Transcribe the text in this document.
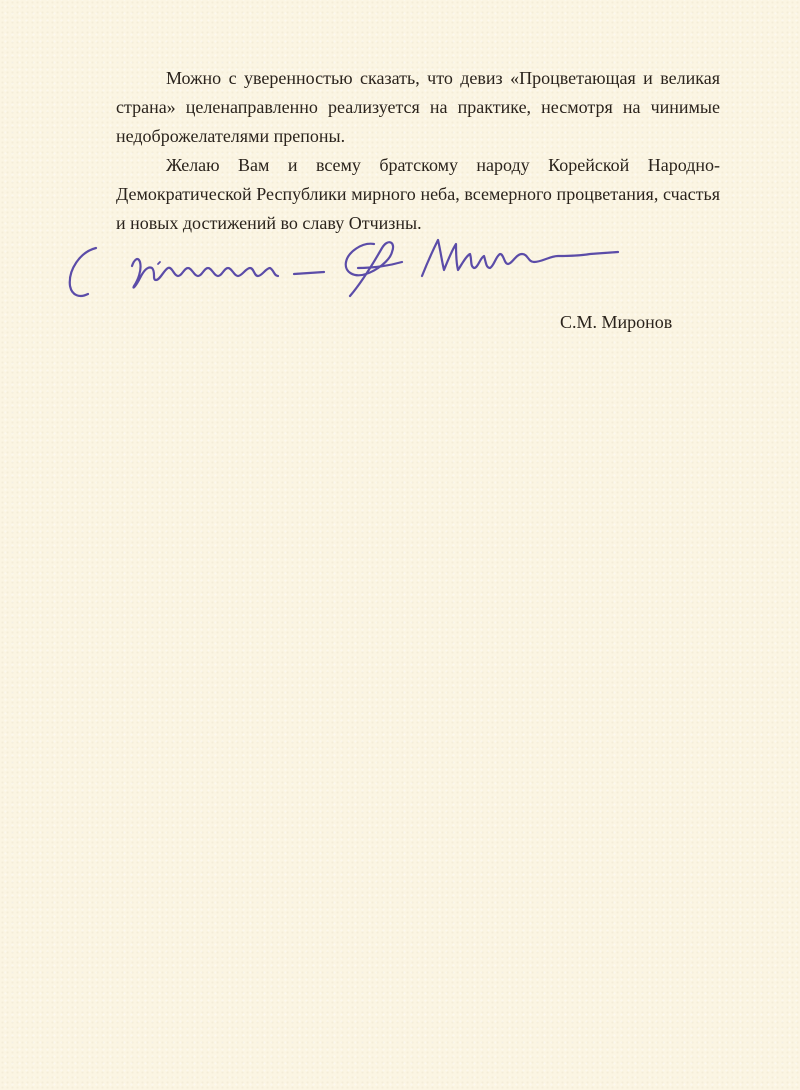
Можно с уверенностью сказать, что девиз «Процветающая и великая страна» целенаправленно реализуется на практике, несмотря на чинимые недоброжелателями препоны.

Желаю Вам и всему братскому народу Корейской Народно-Демократической Республики мирного неба, всемерного процветания, счастья и новых достижений во славу Отчизны.

С.М. Миронов
